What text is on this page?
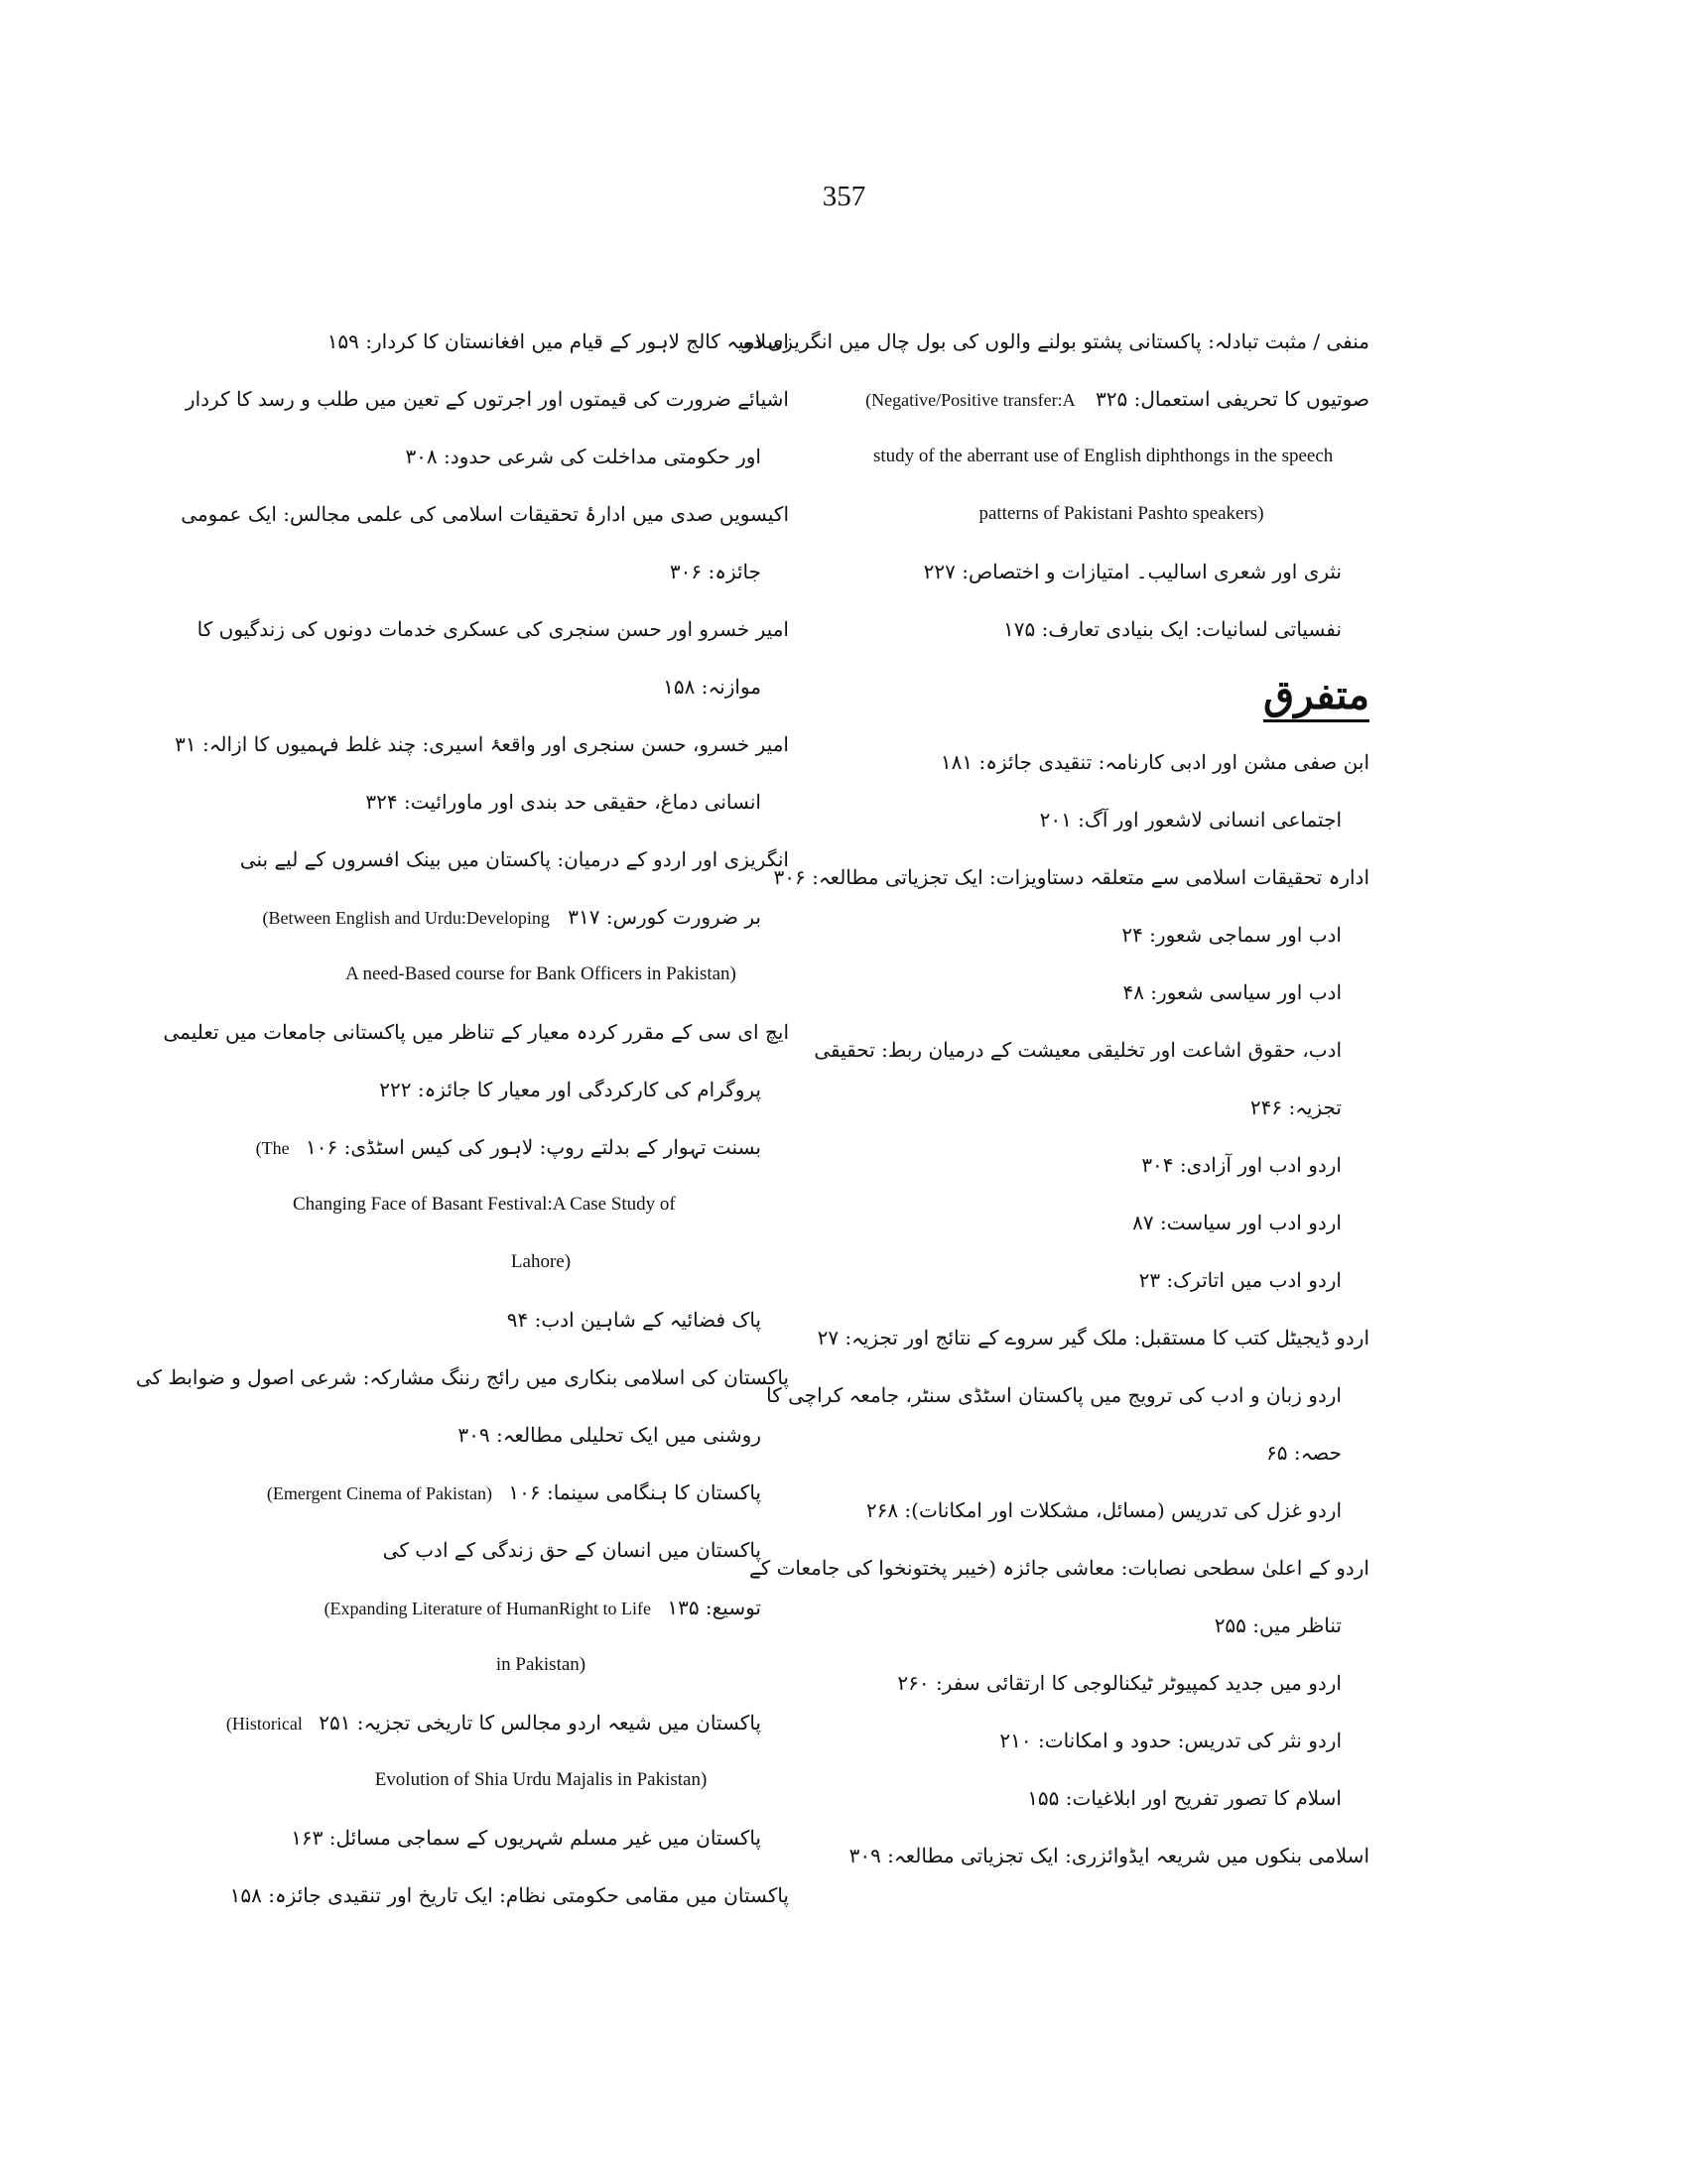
357
منفی / مثبت تبادلہ: پاکستانی پشتو بولنے والوں کی بول چال میں انگریزی دو
صوتیوں کا تحریفی استعمال: ۳۲۵ (Negative/Positive transfer:A
study of the aberrant use of English diphthongs in the speech
patterns of Pakistani Pashto speakers)
نثری اور شعری اسالیب۔ امتیازات و اختصاص: ۲۲۷
نفسیاتی لسانیات: ایک بنیادی تعارف: ۱۷۵
متفرق
ابن صفی مشن اور ادبی کارنامہ: تنقیدی جائزہ: ۱۸۱
اجتماعی انسانی لاشعور اور آگ: ۲۰۱
ادارہ تحقیقات اسلامی سے متعلقہ دستاویزات: ایک تجزیاتی مطالعہ: ۳۰۶
ادب اور سماجی شعور: ۲۴
ادب اور سیاسی شعور: ۴۸
ادب، حقوق اشاعت اور تخلیقی معیشت کے درمیان ربط: تحقیقی
تجزیہ: ۲۴۶
اردو ادب اور آزادی: ۳۰۴
اردو ادب اور سیاست: ۸۷
اردو ادب میں اتاترک: ۲۳
اردو ڈیجیٹل کتب کا مستقبل: ملک گیر سروے کے نتائج اور تجزیہ: ۲۷
اردو زبان و ادب کی ترویج میں پاکستان اسٹڈی سنٹر، جامعہ کراچی کا
حصہ: ۶۵
اردو غزل کی تدریس (مسائل، مشکلات اور امکانات): ۲۶۸
اردو کے اعلیٰ سطحی نصابات: معاشی جائزہ (خیبر پختونخوا کی جامعات کے
تناظر میں: ۲۵۵
اردو میں جدید کمپیوٹر ٹیکنالوجی کا ارتقائی سفر: ۲۶۰
اردو نثر کی تدریس: حدود و امکانات: ۲۱۰
اسلام کا تصور تفریح اور ابلاغیات: ۱۵۵
اسلامی بنکوں میں شریعہ ایڈوائزری: ایک تجزیاتی مطالعہ: ۳۰۹
اسلامیہ کالج لاہور کے قیام میں افغانستان کا کردار: ۱۵۹
اشیائے ضرورت کی قیمتوں اور اجرتوں کے تعین میں طلب و رسد کا کردار
اور حکومتی مداخلت کی شرعی حدود: ۳۰۸
اکیسویں صدی میں ادارۂ تحقیقات اسلامی کی علمی مجالس: ایک عمومی
جائزہ: ۳۰۶
امیر خسرو اور حسن سنجری کی عسکری خدمات دونوں کی زندگیوں کا
موازنہ: ۱۵۸
امیر خسرو، حسن سنجری اور واقعۂ اسیری: چند غلط فہمیوں کا ازالہ: ۳۱
انسانی دماغ، حقیقی حد بندی اور ماورائیت: ۳۲۴
انگریزی اور اردو کے درمیان: پاکستان میں بینک افسروں کے لیے بنی
بر ضرورت کورس: ۳۱۷ (Between English and Urdu:Developing
A need-Based course for Bank Officers in Pakistan)
ایچ ای سی کے مقرر کردہ معیار کے تناظر میں پاکستانی جامعات میں تعلیمی
پروگرام کی کارکردگی اور معیار کا جائزہ: ۲۲۲
بسنت تہوار کے بدلتے روپ: لاہور کی کیس اسٹڈی: ۱۰۶ (The
Changing Face of Basant Festival:A Case Study of
Lahore)
پاک فضائیہ کے شاہین ادب: ۹۴
پاکستان کی اسلامی بنکاری میں رائج رننگ مشارکہ: شرعی اصول و ضوابط کی
روشنی میں ایک تحلیلی مطالعہ: ۳۰۹
پاکستان کا ہنگامی سینما: ۱۰۶ (Emergent Cinema of Pakistan)
پاکستان میں انسان کے حق زندگی کے ادب کی
توسیع: ۱۳۵ (Expanding Literature of HumanRight to Life
in Pakistan)
پاکستان میں شیعہ اردو مجالس کا تاریخی تجزیہ: ۲۵۱ (Historical
Evolution of Shia Urdu Majalis in Pakistan)
پاکستان میں غیر مسلم شہریوں کے سماجی مسائل: ۱۶۳
پاکستان میں مقامی حکومتی نظام: ایک تاریخ اور تنقیدی جائزہ: ۱۵۸
